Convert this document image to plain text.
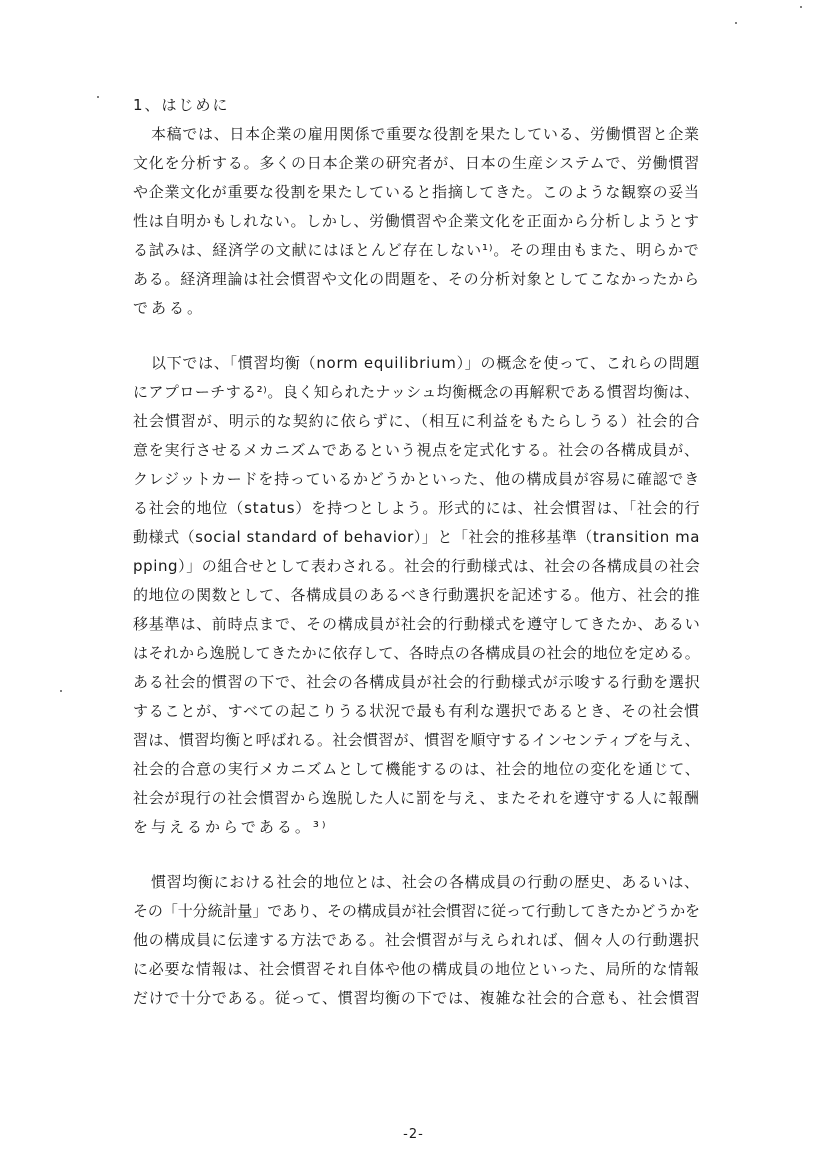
1、はじめに
本稿では、日本企業の雇用関係で重要な役割を果たしている、労働慣習と企業
文化を分析する。多くの日本企業の研究者が、日本の生産システムで、労働慣習
や企業文化が重要な役割を果たしていると指摘してきた。このような観察の妥当
性は自明かもしれない。しかし、労働慣習や企業文化を正面から分析しようとす
る試みは、経済学の文献にはほとんど存在しない¹⁾。その理由もまた、明らかで
ある。経済理論は社会慣習や文化の問題を、その分析対象としてこなかったから
である。
以下では、「慣習均衡（norm equilibrium）」の概念を使って、これらの問題
にアプローチする²⁾。良く知られたナッシュ均衡概念の再解釈である慣習均衡は、
社会慣習が、明示的な契約に依らずに、（相互に利益をもたらしうる）社会的合
意を実行させるメカニズムであるという視点を定式化する。社会の各構成員が、
クレジットカードを持っているかどうかといった、他の構成員が容易に確認でき
る社会的地位（status）を持つとしよう。形式的には、社会慣習は、「社会的行
動様式（social standard of behavior）」と「社会的推移基準（transition ma
pping）」の組合せとして表わされる。社会的行動様式は、社会の各構成員の社会
的地位の関数として、各構成員のあるべき行動選択を記述する。他方、社会的推
移基準は、前時点まで、その構成員が社会的行動様式を遵守してきたか、あるい
はそれから逸脱してきたかに依存して、各時点の各構成員の社会的地位を定める。
ある社会的慣習の下で、社会の各構成員が社会的行動様式が示唆する行動を選択
することが、すべての起こりうる状況で最も有利な選択であるとき、その社会慣
習は、慣習均衡と呼ばれる。社会慣習が、慣習を順守するインセンティブを与え、
社会的合意の実行メカニズムとして機能するのは、社会的地位の変化を通じて、
社会が現行の社会慣習から逸脱した人に罰を与え、またそれを遵守する人に報酬
を与えるからである。³⁾
慣習均衡における社会的地位とは、社会の各構成員の行動の歴史、あるいは、
その「十分統計量」であり、その構成員が社会慣習に従って行動してきたかどうかを
他の構成員に伝達する方法である。社会慣習が与えられれば、個々人の行動選択
に必要な情報は、社会慣習それ自体や他の構成員の地位といった、局所的な情報
だけで十分である。従って、慣習均衡の下では、複雑な社会的合意も、社会慣習
-2-
